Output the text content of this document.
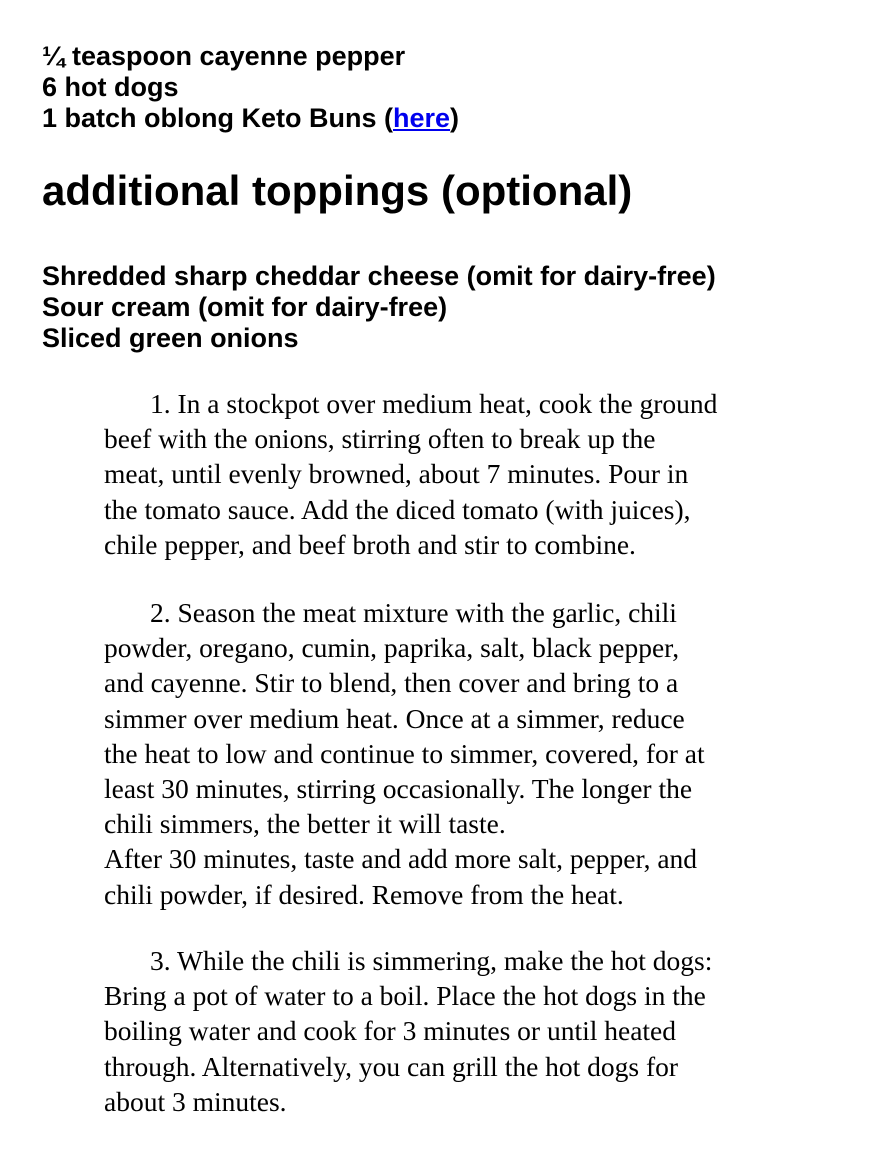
¼ teaspoon cayenne pepper
6 hot dogs
1 batch oblong Keto Buns (here)
additional toppings (optional)
Shredded sharp cheddar cheese (omit for dairy-free)
Sour cream (omit for dairy-free)
Sliced green onions
1. In a stockpot over medium heat, cook the ground
beef with the onions, stirring often to break up the
meat, until evenly browned, about 7 minutes. Pour in
the tomato sauce. Add the diced tomato (with juices),
chile pepper, and beef broth and stir to combine.
2. Season the meat mixture with the garlic, chili
powder, oregano, cumin, paprika, salt, black pepper,
and cayenne. Stir to blend, then cover and bring to a
simmer over medium heat. Once at a simmer, reduce
the heat to low and continue to simmer, covered, for at
least 30 minutes, stirring occasionally. The longer the
chili simmers, the better it will taste.
After 30 minutes, taste and add more salt, pepper, and
chili powder, if desired. Remove from the heat.
3. While the chili is simmering, make the hot dogs:
Bring a pot of water to a boil. Place the hot dogs in the
boiling water and cook for 3 minutes or until heated
through. Alternatively, you can grill the hot dogs for
about 3 minutes.
